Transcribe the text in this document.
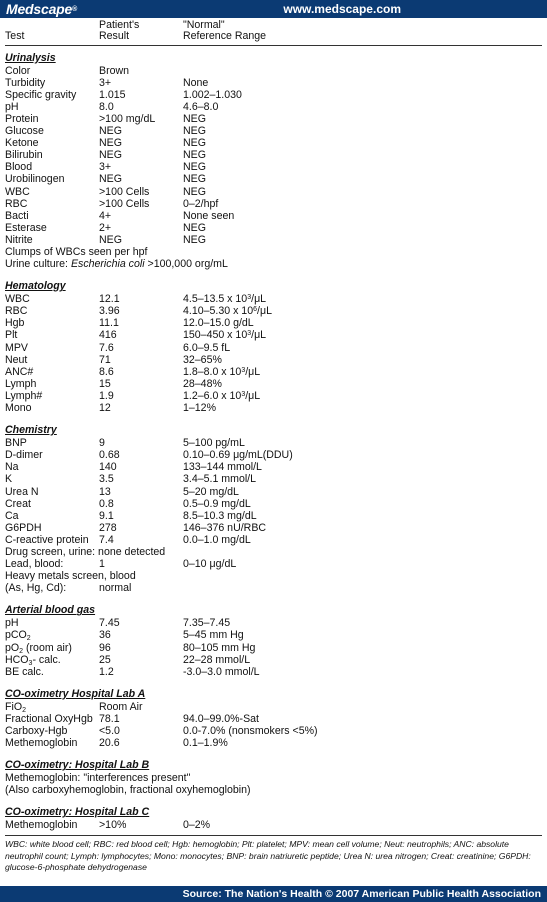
Medscape®	www.medscape.com
Patient's	"Normal"
Test	Result	Reference Range
Urinalysis
Color	Brown
Turbidity	3+	None
Specific gravity	1.015	1.002–1.030
pH	8.0	4.6–8.0
Protein	>100 mg/dL	NEG
Glucose	NEG	NEG
Ketone	NEG	NEG
Bilirubin	NEG	NEG
Blood	3+	NEG
Urobilinogen	NEG	NEG
WBC	>100 Cells	NEG
RBC	>100 Cells	0–2/hpf
Bacti	4+	None seen
Esterase	2+	NEG
Nitrite	NEG	NEG
Clumps of WBCs seen per hpf
Urine culture: Escherichia coli >100,000 org/mL
Hematology
WBC	12.1	4.5–13.5 x $10^3/\mu L$
RBC	3.96	4.10–5.30 x $10^6/\mu L$
Hgb	11.1	12.0–15.0 g/dL
Plt	416	150–450 x $10^3/\mu L$
MPV	7.6	6.0–9.5 fL
Neut	71	32–65%
ANC#	8.6	1.8–8.0 x $10^3/\mu L$
Lymph	15	28–48%
Lymph#	1.9	1.2–6.0 x $10^3/\mu L$
Mono	12	1–12%
Chemistry
BNP	9	5–100 pg/mL
D-dimer	0.68	0.10–0.69 μg/mL(DDU)
Na	140	133–144 mmol/L
K	3.5	3.4–5.1 mmol/L
Urea N	13	5–20 mg/dL
Creat	0.8	0.5–0.9 mg/dL
Ca	9.1	8.5–10.3 mg/dL
G6PDH	278	146–376 nU/RBC
C-reactive protein 7.4	0.0–1.0 mg/dL
Drug screen, urine:
none detected
Lead, blood:	1	0–10 μg/dL
Heavy metals screen, blood
(As, Hg, Cd):	normal
Arterial blood gas
pH	7.45	7.35–7.45
pCO$_2$	36	5–45 mm Hg
$pO_2$ (room air)	96	80–105 mm Hg
$HCO_3-$ calc.	25	22–28 mmol/L
BE calc.	1.2	-3.0–3.0 mmol/L
CO-oximetry Hospital Lab A
FiO$_2$	Room Air
Fractional OxyHgb 78.1	94.0–99.0%-Sat
Carboxy-Hgb	<5.0	0.0-7.0% (nonsmokers <5%)
Methemoglobin	20.6	0.1–1.9%
CO-oximetry: Hospital Lab B
Methemoglobin: "interferences present"
(Also carboxyhemoglobin, fractional oxyhemoglobin)
CO-oximetry: Hospital Lab C
Methemoglobin	>10%	0–2%
WBC: white blood cell; RBC: red blood cell; Hgb: hemoglobin; Plt: platelet; MPV: mean cell volume; Neut: neutrophils; ANC: absolute neutrophil count; Lymph: lymphocytes; Mono: monocytes; BNP: brain natriuretic peptide; Urea N: urea nitrogen; Creat: creatinine; G6PDH: glucose-6-phosphate dehydrogenase
Source: The Nation's Health © 2007 American Public Health Association
